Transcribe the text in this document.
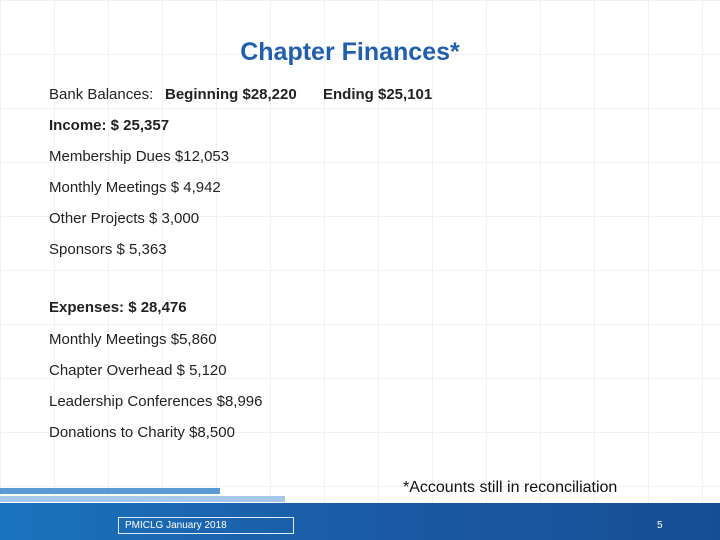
Chapter Finances*
Bank Balances: Beginning $28,220 Ending $25,101
Income: $ 25,357
Membership Dues $12,053
Monthly Meetings $ 4,942
Other Projects $ 3,000
Sponsors $ 5,363
Expenses: $ 28,476
Monthly Meetings $5,860
Chapter Overhead $ 5,120
Leadership Conferences $8,996
Donations to Charity $8,500
*Accounts still in reconciliation
PMICLG January 2018	5
